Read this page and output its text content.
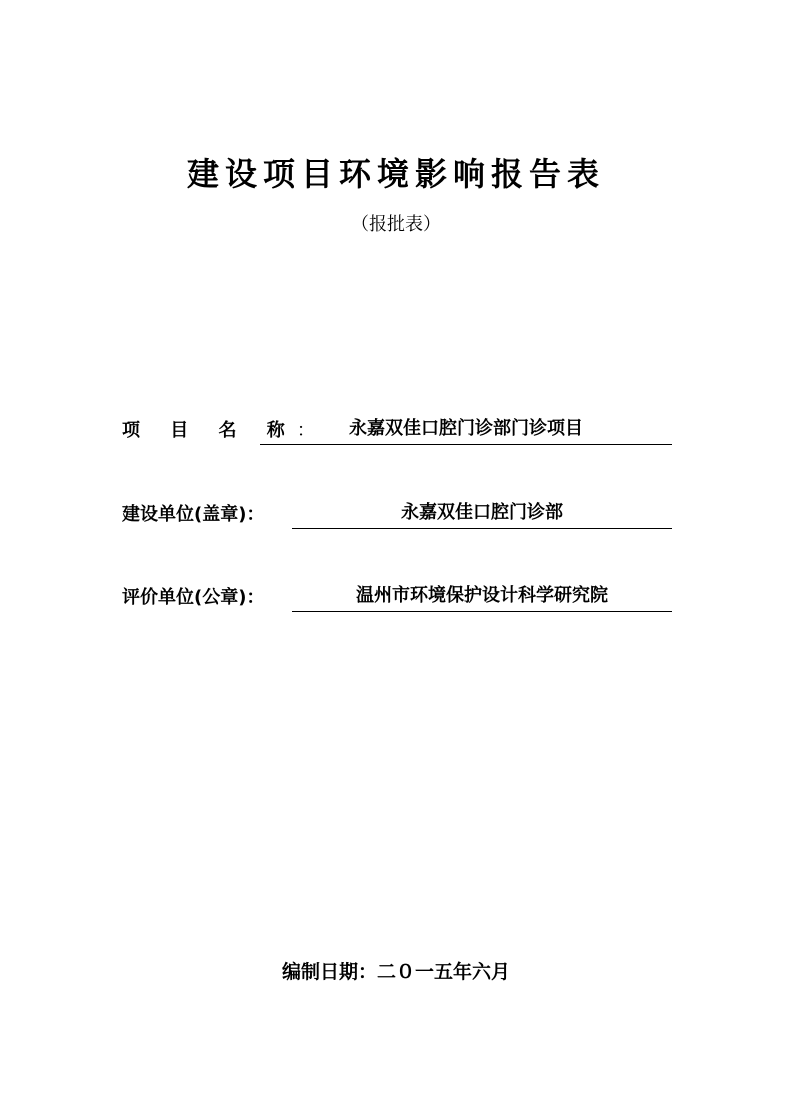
建设项目环境影响报告表
（报批表）
项 目 名 称：	永嘉双佳口腔门诊部门诊项目
建设单位(盖章)：	永嘉双佳口腔门诊部
评价单位(公章)：	温州市环境保护设计科学研究院
编制日期：二０一五年六月
